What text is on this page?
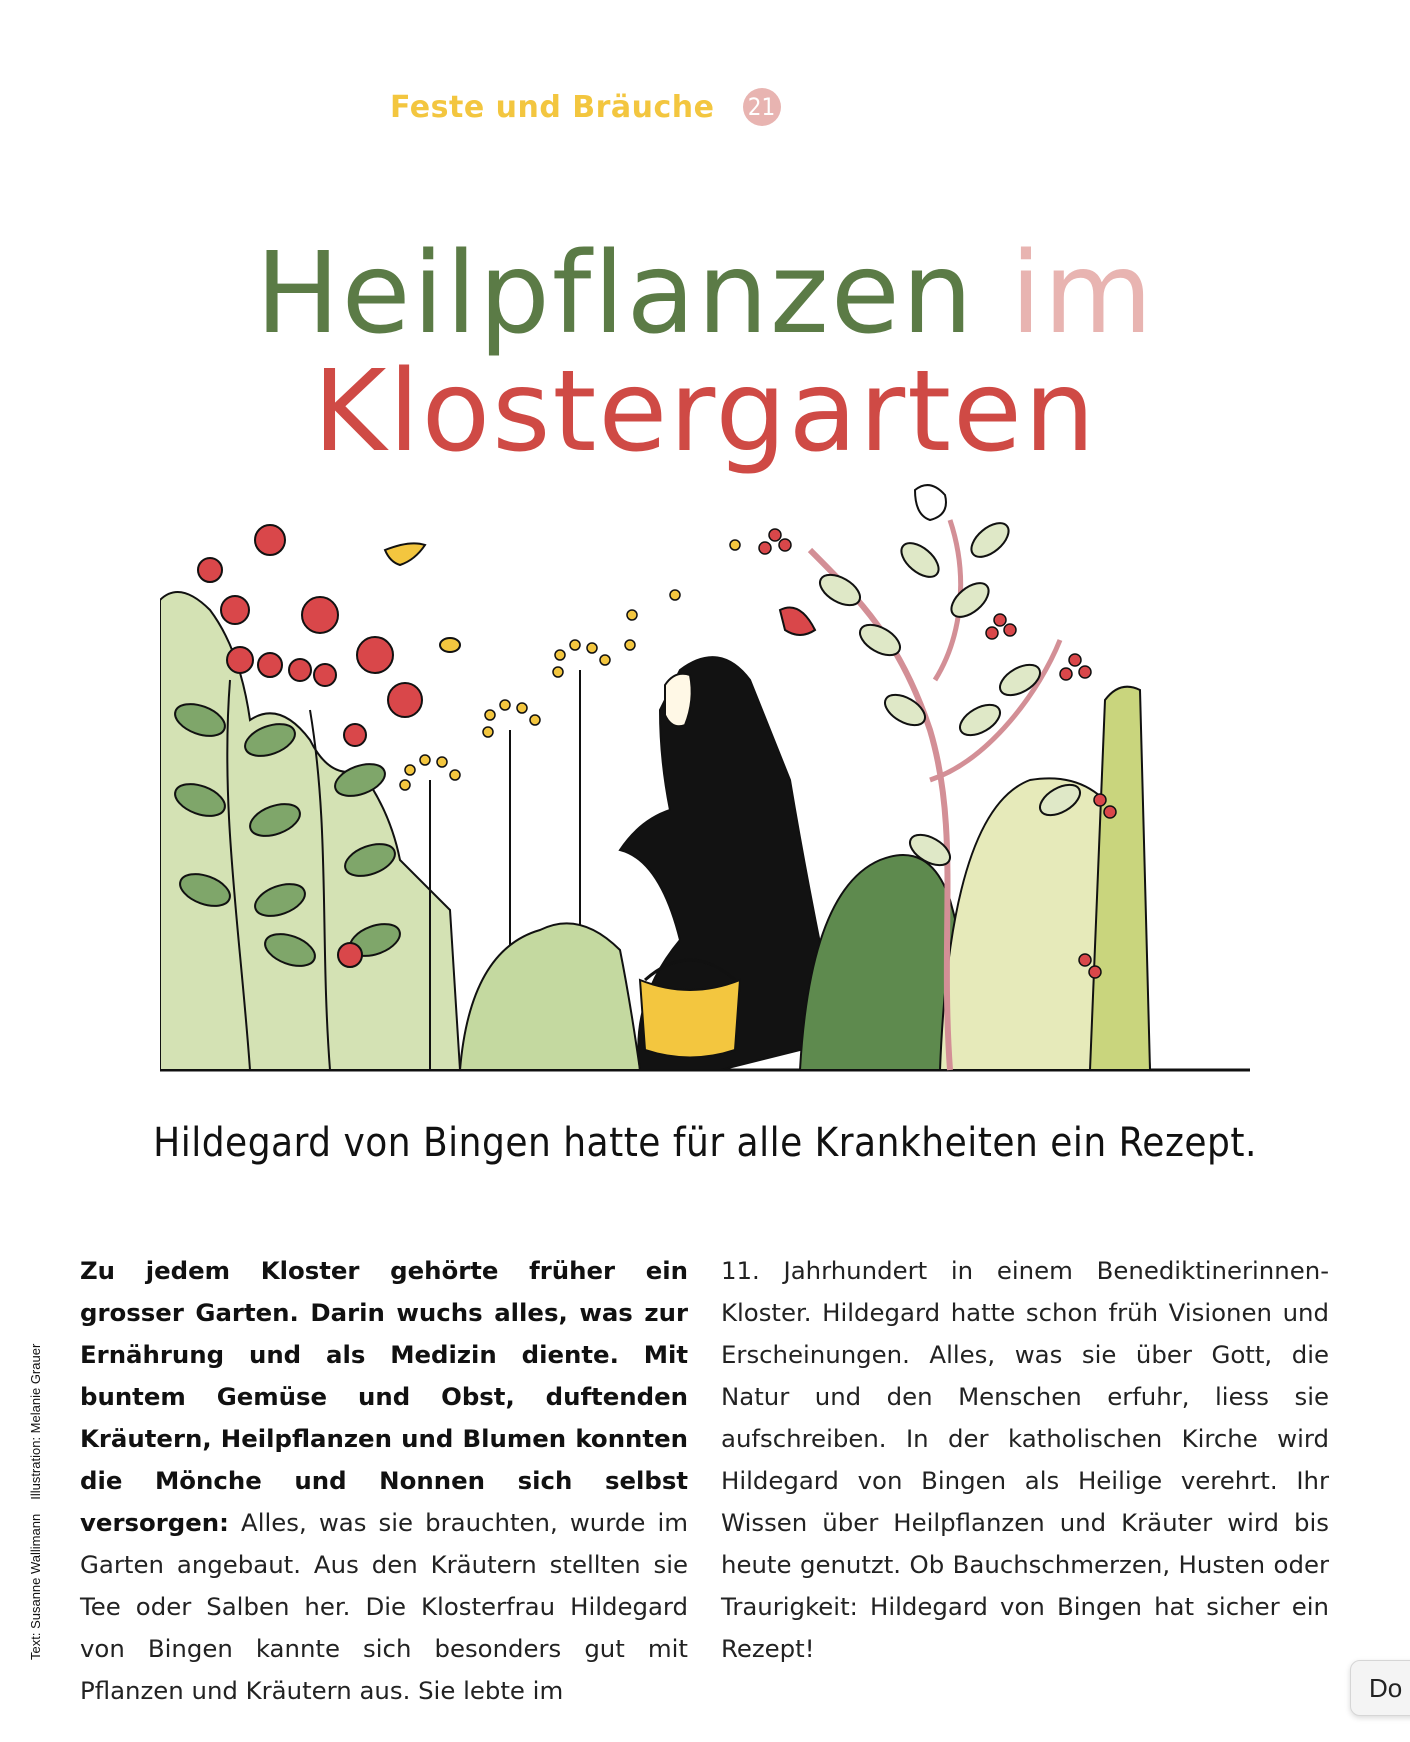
Feste und Bräuche 21
Heilpflanzen im
Klostergarten
Hildegard von Bingen hatte für alle Krankheiten ein Rezept.
Text: Susanne Wallimann
Illustration: Melanie Grauer
Zu jedem Kloster gehörte früher ein grosser Garten. Darin wuchs alles, was zur Ernährung und als Medizin diente. Mit buntem Gemüse und Obst, duftenden Kräutern, Heilpflanzen und Blumen konnten die Mönche und Nonnen sich selbst versorgen: Alles, was sie brauchten, wurde im Garten angebaut. Aus den Kräutern stellten sie Tee oder Salben her. Die Klosterfrau Hildegard von Bingen kannte sich besonders gut mit Pflanzen und Kräutern aus. Sie lebte im
11. Jahrhundert in einem Benediktinerinnen-Kloster. Hildegard hatte schon früh Visionen und Erscheinungen. Alles, was sie über Gott, die Natur und den Menschen erfuhr, liess sie aufschreiben. In der katholischen Kirche wird Hildegard von Bingen als Heilige verehrt. Ihr Wissen über Heilpflanzen und Kräuter wird bis heute genutzt. Ob Bauchschmerzen, Husten oder Traurigkeit: Hildegard von Bingen hat sicher ein Rezept!
Do
